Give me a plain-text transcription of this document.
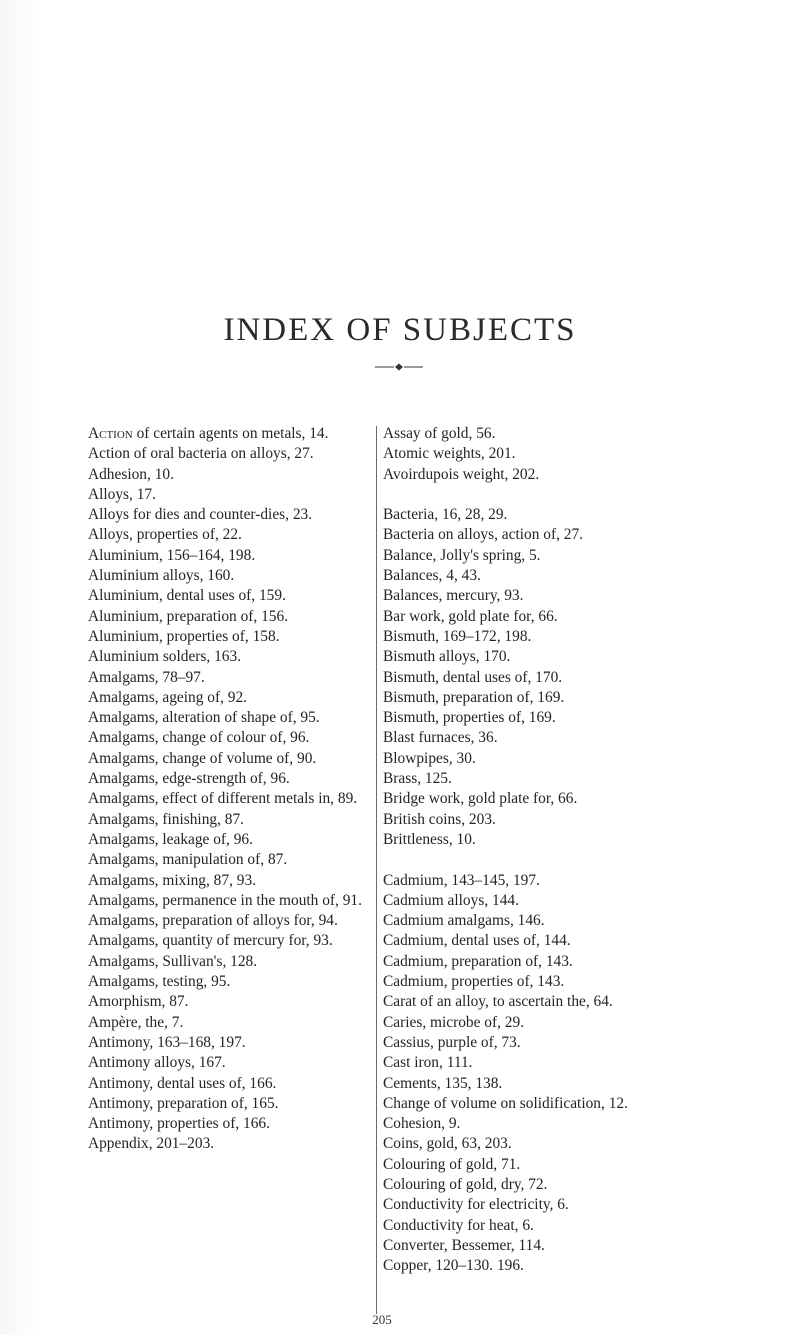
INDEX OF SUBJECTS

Action of certain agents on metals, 14.

Action of oral bacteria on alloys, 27.

Adhesion, 10.

Alloys, 17.

Alloys for dies and counter-dies, 23.

Alloys, properties of, 22.

Aluminium, 156–164, 198.

Aluminium alloys, 160.

Aluminium, dental uses of, 159.

Aluminium, preparation of, 156.

Aluminium, properties of, 158.

Aluminium solders, 163.

Amalgams, 78–97.

Amalgams, ageing of, 92.

Amalgams, alteration of shape of, 95.

Amalgams, change of colour of, 96.

Amalgams, change of volume of, 90.

Amalgams, edge-strength of, 96.

Amalgams, effect of different metals in, 89.

Amalgams, finishing, 87.

Amalgams, leakage of, 96.

Amalgams, manipulation of, 87.

Amalgams, mixing, 87, 93.

Amalgams, permanence in the mouth of, 91.

Amalgams, preparation of alloys for, 94.

Amalgams, quantity of mercury for, 93.

Amalgams, Sullivan's, 128.

Amalgams, testing, 95.

Amorphism, 87.

Ampère, the, 7.

Antimony, 163–168, 197.

Antimony alloys, 167.

Antimony, dental uses of, 166.

Antimony, preparation of, 165.

Antimony, properties of, 166.

Appendix, 201–203.

Assay of gold, 56.

Atomic weights, 201.

Avoirdupois weight, 202.

Bacteria, 16, 28, 29.

Bacteria on alloys, action of, 27.

Balance, Jolly's spring, 5.

Balances, 4, 43.

Balances, mercury, 93.

Bar work, gold plate for, 66.

Bismuth, 169–172, 198.

Bismuth alloys, 170.

Bismuth, dental uses of, 170.

Bismuth, preparation of, 169.

Bismuth, properties of, 169.

Blast furnaces, 36.

Blowpipes, 30.

Brass, 125.

Bridge work, gold plate for, 66.

British coins, 203.

Brittleness, 10.

Cadmium, 143–145, 197.

Cadmium alloys, 144.

Cadmium amalgams, 146.

Cadmium, dental uses of, 144.

Cadmium, preparation of, 143.

Cadmium, properties of, 143.

Carat of an alloy, to ascertain the, 64.

Caries, microbe of, 29.

Cassius, purple of, 73.

Cast iron, 111.

Cements, 135, 138.

Change of volume on solidification, 12.

Cohesion, 9.

Coins, gold, 63, 203.

Colouring of gold, 71.

Colouring of gold, dry, 72.

Conductivity for electricity, 6.

Conductivity for heat, 6.

Converter, Bessemer, 114.

Copper, 120–130. 196.

205
